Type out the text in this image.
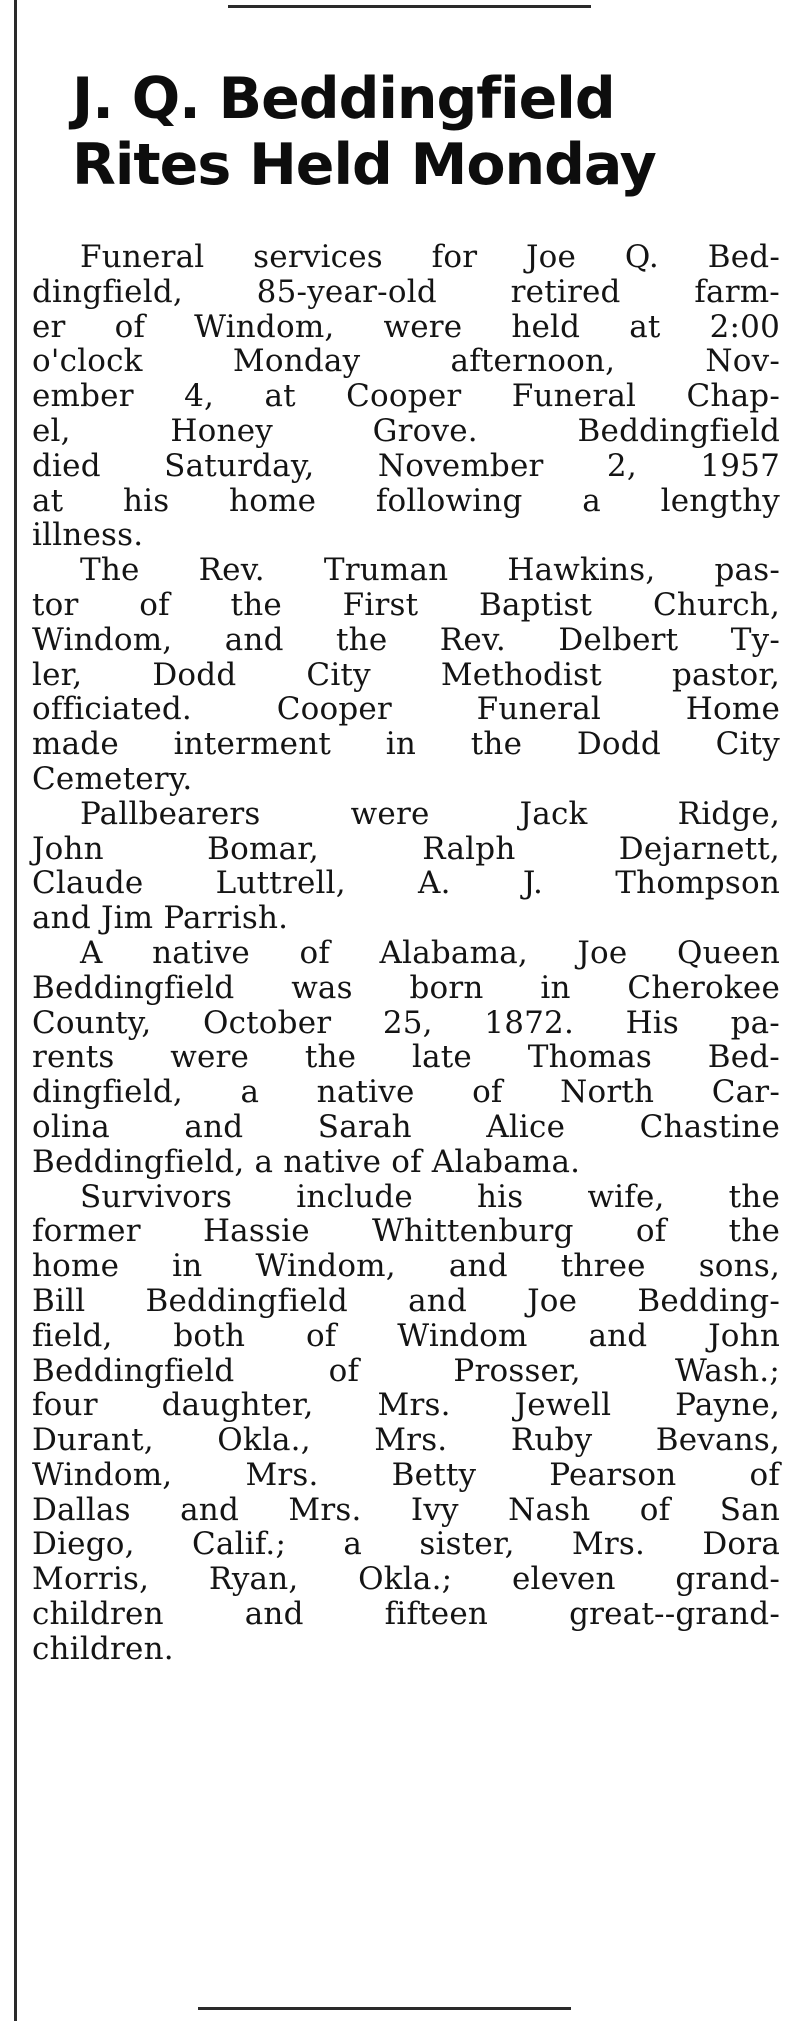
J. Q. Beddingfield
Rites Held Monday

Funeral services for Joe Q. Bed-
dingfield, 85-year-old retired farm-
er of Windom, were held at 2:00
o'clock Monday afternoon, Nov-
ember 4, at Cooper Funeral Chap-
el, Honey Grove. Beddingfield
died Saturday, November 2, 1957
at his home following a lengthy
illness.

The Rev. Truman Hawkins, pas-
tor of the First Baptist Church,
Windom, and the Rev. Delbert Ty-
ler, Dodd City Methodist pastor,
officiated. Cooper Funeral Home
made interment in the Dodd City
Cemetery.

Pallbearers were Jack Ridge,
John Bomar, Ralph Dejarnett,
Claude Luttrell, A. J. Thompson
and Jim Parrish.

A native of Alabama, Joe Queen
Beddingfield was born in Cherokee
County, October 25, 1872. His pa-
rents were the late Thomas Bed-
dingfield, a native of North Car-
olina and Sarah Alice Chastine
Beddingfield, a native of Alabama.

Survivors include his wife, the
former Hassie Whittenburg of the
home in Windom, and three sons,
Bill Beddingfield and Joe Bedding-
field, both of Windom and John
Beddingfield of Prosser, Wash.;
four daughter, Mrs. Jewell Payne,
Durant, Okla., Mrs. Ruby Bevans,
Windom, Mrs. Betty Pearson of
Dallas and Mrs. Ivy Nash of San
Diego, Calif.; a sister, Mrs. Dora
Morris, Ryan, Okla.; eleven grand-
children and fifteen great--grand-
children.
